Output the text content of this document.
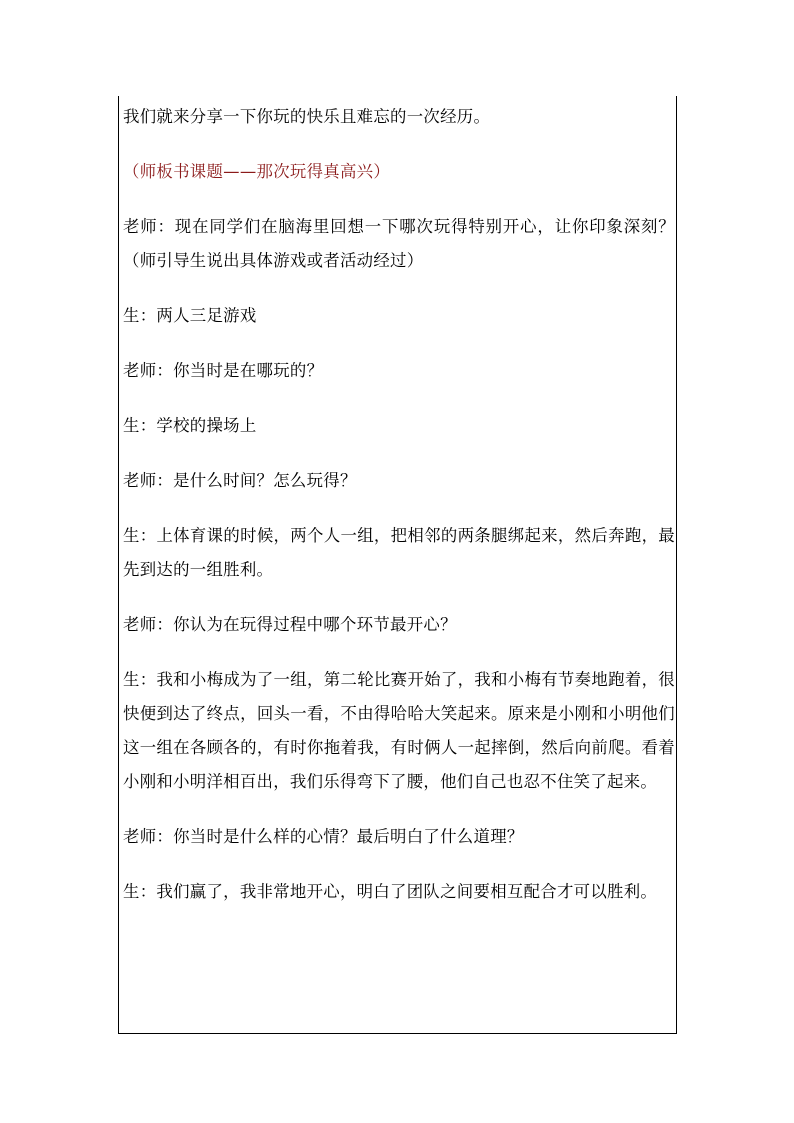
我们就来分享一下你玩的快乐且难忘的一次经历。

（师板书课题——那次玩得真高兴）

老师：现在同学们在脑海里回想一下哪次玩得特别开心，让你印象深刻？（师引导生说出具体游戏或者活动经过）

生：两人三足游戏

老师：你当时是在哪玩的？

生：学校的操场上

老师：是什么时间？怎么玩得？

生：上体育课的时候，两个人一组，把相邻的两条腿绑起来，然后奔跑，最先到达的一组胜利。

老师：你认为在玩得过程中哪个环节最开心？

生：我和小梅成为了一组，第二轮比赛开始了，我和小梅有节奏地跑着，很快便到达了终点，回头一看，不由得哈哈大笑起来。原来是小刚和小明他们这一组在各顾各的，有时你拖着我，有时俩人一起摔倒，然后向前爬。看着小刚和小明洋相百出，我们乐得弯下了腰，他们自己也忍不住笑了起来。

老师：你当时是什么样的心情？最后明白了什么道理？

生：我们赢了，我非常地开心，明白了团队之间要相互配合才可以胜利。
